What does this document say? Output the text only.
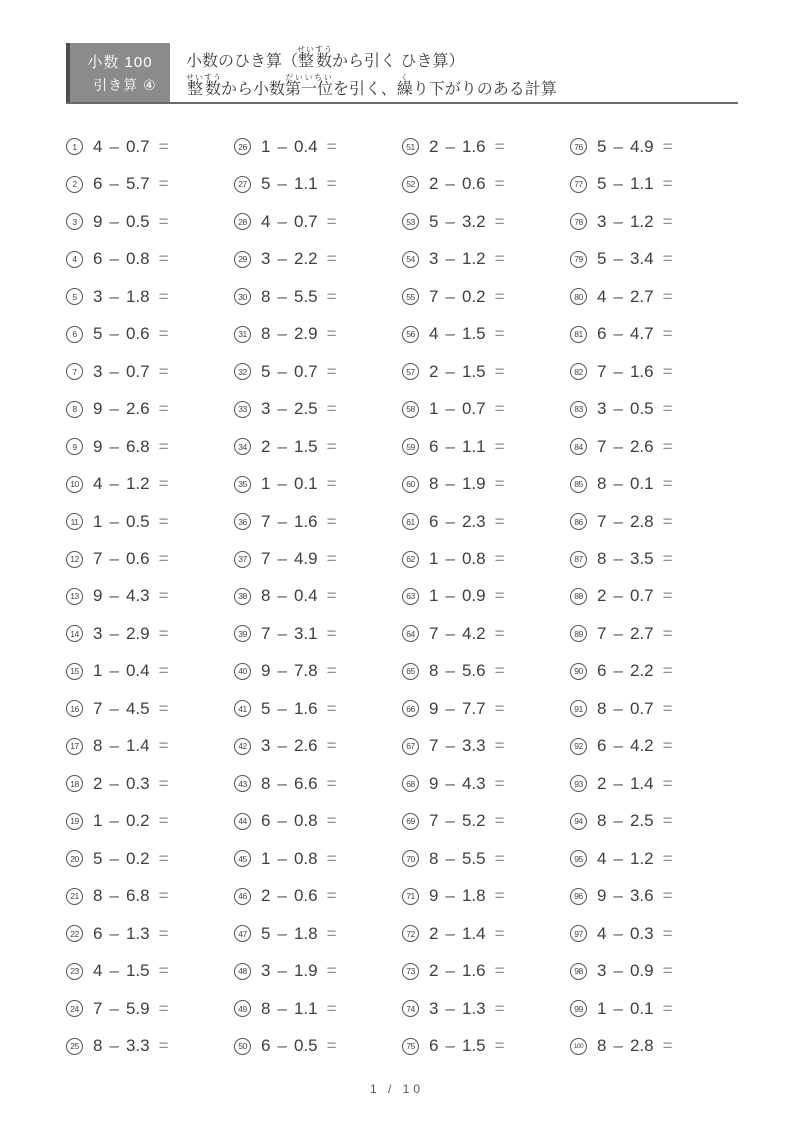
小数 100
引き算 ④
小数のひき算（整数せいすうから引く ひき算）
整数せいすうから小数第一位だいいちいを引く、繰くり下がりのある計算
1 4 – 0.7 =
2 6 – 5.7 =
3 9 – 0.5 =
4 6 – 0.8 =
5 3 – 1.8 =
6 5 – 0.6 =
7 3 – 0.7 =
8 9 – 2.6 =
9 9 – 6.8 =
10 4 – 1.2 =
11 1 – 0.5 =
12 7 – 0.6 =
13 9 – 4.3 =
14 3 – 2.9 =
15 1 – 0.4 =
16 7 – 4.5 =
17 8 – 1.4 =
18 2 – 0.3 =
19 1 – 0.2 =
20 5 – 0.2 =
21 8 – 6.8 =
22 6 – 1.3 =
23 4 – 1.5 =
24 7 – 5.9 =
25 8 – 3.3 =
26 1 – 0.4 =
27 5 – 1.1 =
28 4 – 0.7 =
29 3 – 2.2 =
30 8 – 5.5 =
31 8 – 2.9 =
32 5 – 0.7 =
33 3 – 2.5 =
34 2 – 1.5 =
35 1 – 0.1 =
36 7 – 1.6 =
37 7 – 4.9 =
38 8 – 0.4 =
39 7 – 3.1 =
40 9 – 7.8 =
41 5 – 1.6 =
42 3 – 2.6 =
43 8 – 6.6 =
44 6 – 0.8 =
45 1 – 0.8 =
46 2 – 0.6 =
47 5 – 1.8 =
48 3 – 1.9 =
49 8 – 1.1 =
50 6 – 0.5 =
51 2 – 1.6 =
52 2 – 0.6 =
53 5 – 3.2 =
54 3 – 1.2 =
55 7 – 0.2 =
56 4 – 1.5 =
57 2 – 1.5 =
58 1 – 0.7 =
59 6 – 1.1 =
60 8 – 1.9 =
61 6 – 2.3 =
62 1 – 0.8 =
63 1 – 0.9 =
64 7 – 4.2 =
65 8 – 5.6 =
66 9 – 7.7 =
67 7 – 3.3 =
68 9 – 4.3 =
69 7 – 5.2 =
70 8 – 5.5 =
71 9 – 1.8 =
72 2 – 1.4 =
73 2 – 1.6 =
74 3 – 1.3 =
75 6 – 1.5 =
76 5 – 4.9 =
77 5 – 1.1 =
78 3 – 1.2 =
79 5 – 3.4 =
80 4 – 2.7 =
81 6 – 4.7 =
82 7 – 1.6 =
83 3 – 0.5 =
84 7 – 2.6 =
85 8 – 0.1 =
86 7 – 2.8 =
87 8 – 3.5 =
88 2 – 0.7 =
89 7 – 2.7 =
90 6 – 2.2 =
91 8 – 0.7 =
92 6 – 4.2 =
93 2 – 1.4 =
94 8 – 2.5 =
95 4 – 1.2 =
96 9 – 3.6 =
97 4 – 0.3 =
98 3 – 0.9 =
99 1 – 0.1 =
100 8 – 2.8 =
1 / 10
